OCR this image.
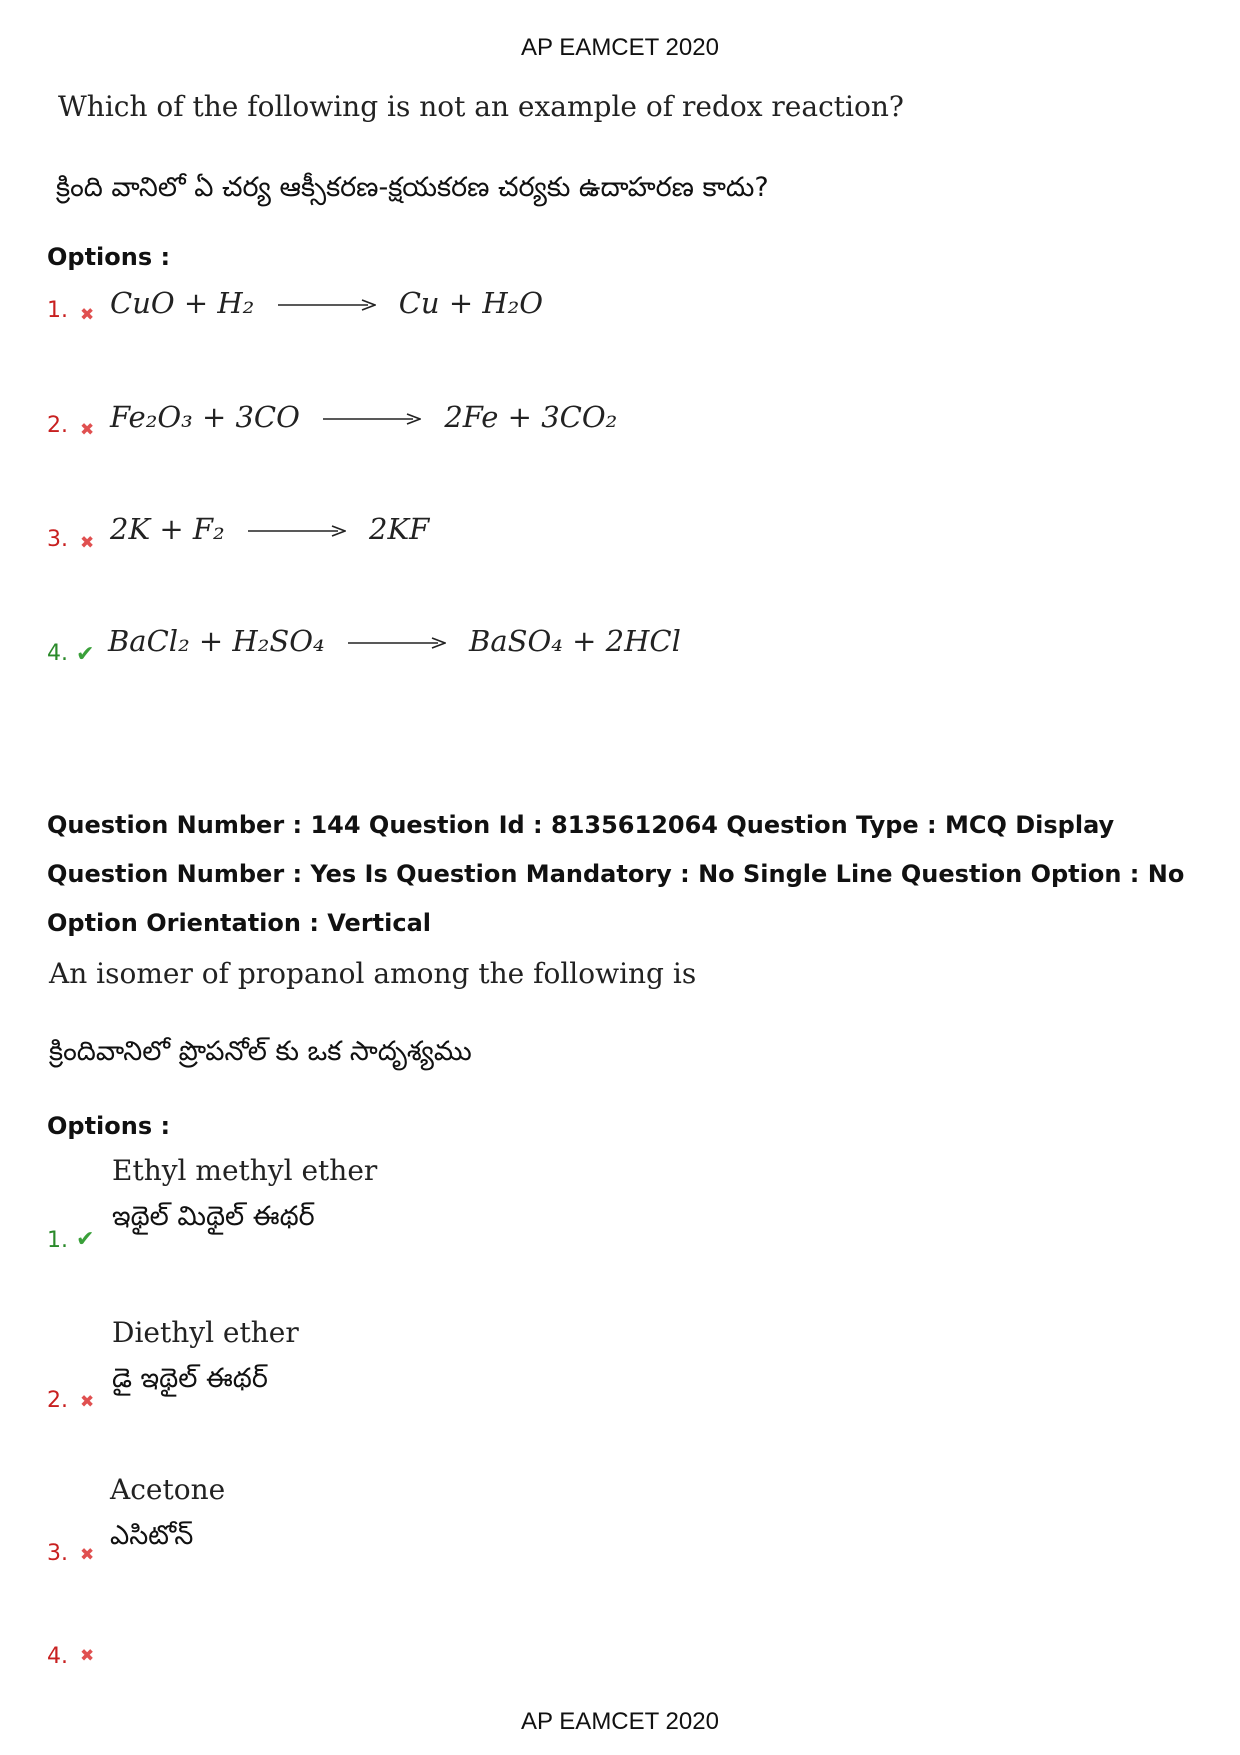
AP EAMCET 2020
Which of the following is not an example of redox reaction?
క్రింది వానిలో ఏ చర్య ఆక్సీకరణ-క్షయకరణ చర్యకు ఉదాహరణ కాదు?
Options :
1. ✖ CuO + H₂ → Cu + H₂O
2. ✖ Fe₂O₃ + 3CO → 2Fe + 3CO₂
3. ✖ 2K + F₂ → 2KF
4. ✔ BaCl₂ + H₂SO₄ → BaSO₄ + 2HCl
Question Number : 144 Question Id : 8135612064 Question Type : MCQ Display Question Number : Yes Is Question Mandatory : No Single Line Question Option : No Option Orientation : Vertical
An isomer of propanol among the following is
క్రిందివానిలో ప్రొపనోల్ కు ఒక సాదృశ్యము
Options :
Ethyl methyl ether
ఇథైల్ మిథైల్ ఈథర్
1. ✔
Diethyl ether
డై ఇథైల్ ఈథర్
2. ✖
Acetone
ఎసిటోన్
3. ✖
4. ✖
AP EAMCET 2020
